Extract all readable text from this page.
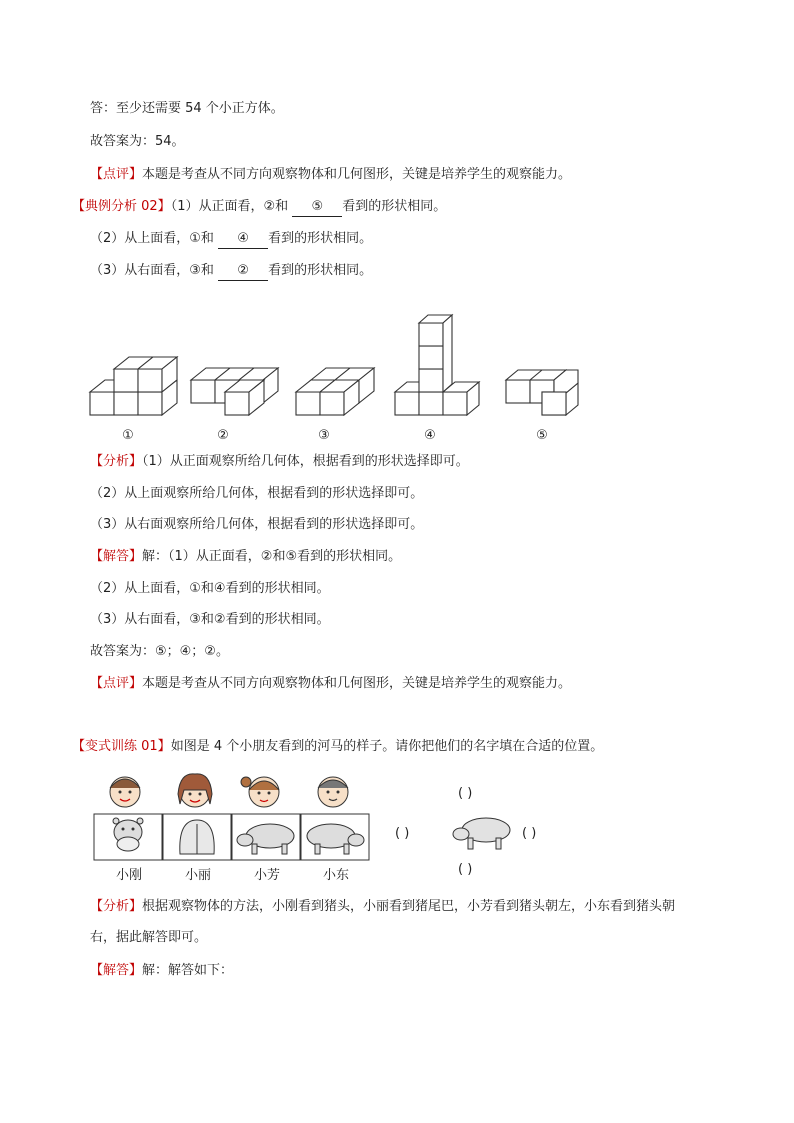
答：至少还需要 54 个小正方体。
故答案为：54。
【点评】本题是考查从不同方向观察物体和几何图形，关键是培养学生的观察能力。
【典例分析 02】（1）从正面看，②和 ⑤ 看到的形状相同。
（2）从上面看，①和 ④ 看到的形状相同。
（3）从右面看，③和 ② 看到的形状相同。
①	②	③	④	⑤
【分析】（1）从正面观察所给几何体，根据看到的形状选择即可。
（2）从上面观察所给几何体，根据看到的形状选择即可。
（3）从右面观察所给几何体，根据看到的形状选择即可。
【解答】解：（1）从正面看，②和⑤看到的形状相同。
（2）从上面看，①和④看到的形状相同。
（3）从右面看，③和②看到的形状相同。
故答案为：⑤；④；②。
【点评】本题是考查从不同方向观察物体和几何图形，关键是培养学生的观察能力。
【变式训练 01】如图是 4 个小朋友看到的河马的样子。请你把他们的名字填在合适的位置。
小刚	小丽	小芳	小东
( )
( )	( )
( )
【分析】根据观察物体的方法，小刚看到猪头，小丽看到猪尾巴，小芳看到猪头朝左，小东看到猪头朝
右，据此解答即可。
【解答】解：解答如下：
